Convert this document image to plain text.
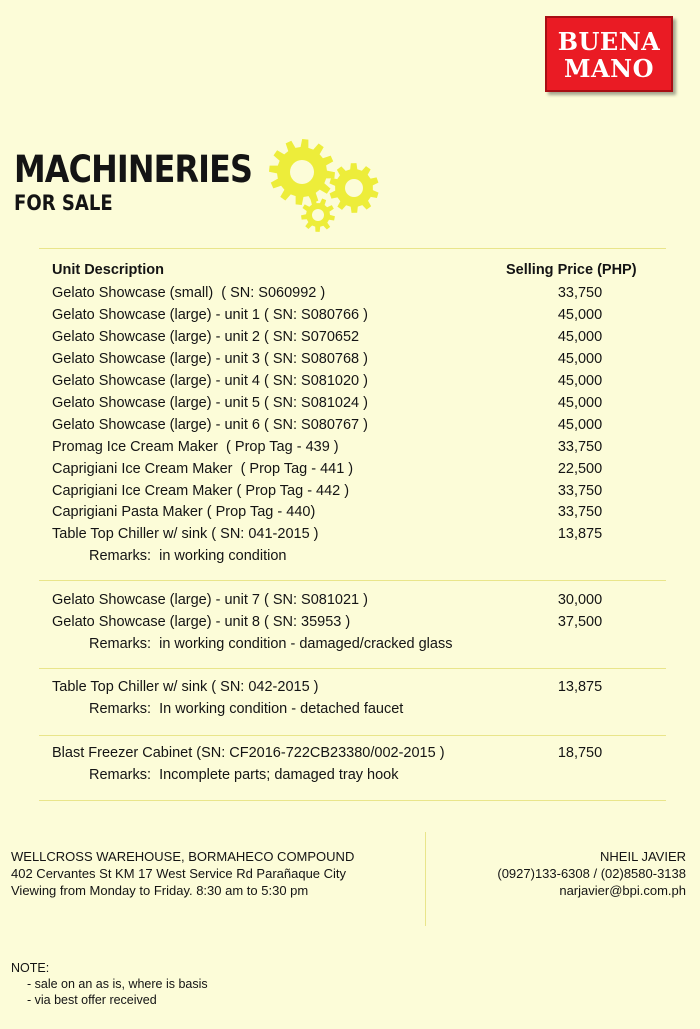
BUENA
MANO
MACHINERIES
FOR SALE
Unit Description	Selling Price (PHP)
Gelato Showcase (small)  ( SN: S060992 )	33,750
Gelato Showcase (large) - unit 1 ( SN: S080766 )	45,000
Gelato Showcase (large) - unit 2 ( SN: S070652	45,000
Gelato Showcase (large) - unit 3 ( SN: S080768 )	45,000
Gelato Showcase (large) - unit 4 ( SN: S081020 )	45,000
Gelato Showcase (large) - unit 5 ( SN: S081024 )	45,000
Gelato Showcase (large) - unit 6 ( SN: S080767 )	45,000
Promag Ice Cream Maker  ( Prop Tag - 439 )	33,750
Caprigiani Ice Cream Maker  ( Prop Tag - 441 )	22,500
Caprigiani Ice Cream Maker ( Prop Tag - 442 )	33,750
Caprigiani Pasta Maker ( Prop Tag - 440)	33,750
Table Top Chiller w/ sink ( SN: 041-2015 )	13,875
Remarks:  in working condition
Gelato Showcase (large) - unit 7 ( SN: S081021 )	30,000
Gelato Showcase (large) - unit 8 ( SN: 35953 )	37,500
Remarks:  in working condition - damaged/cracked glass
Table Top Chiller w/ sink ( SN: 042-2015 )	13,875
Remarks:  In working condition - detached faucet
Blast Freezer Cabinet (SN: CF2016-722CB23380/002-2015 )	18,750
Remarks:  Incomplete parts; damaged tray hook
WELLCROSS WAREHOUSE, BORMAHECO COMPOUND
402 Cervantes St KM 17 West Service Rd Parañaque City
Viewing from Monday to Friday. 8:30 am to 5:30 pm
NHEIL JAVIER
(0927)133-6308 / (02)8580-3138
narjavier@bpi.com.ph
NOTE:
- sale on an as is, where is basis
- via best offer received
